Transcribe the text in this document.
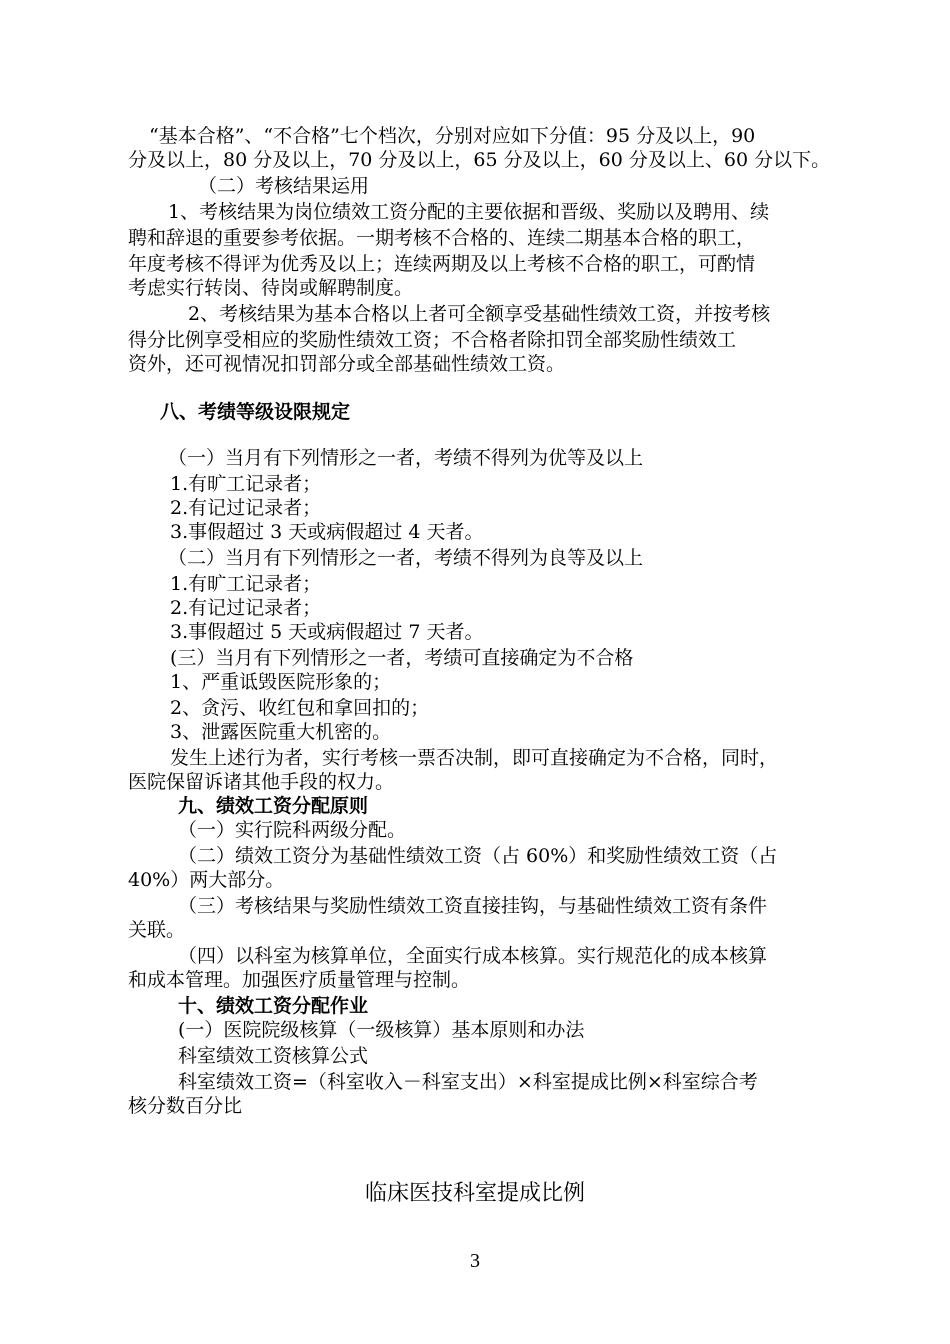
“基本合格”、“不合格”七个档次，分别对应如下分值：95 分及以上，90
分及以上，80 分及以上，70 分及以上，65 分及以上，60 分及以上、60 分以下。
（二）考核结果运用
1、考核结果为岗位绩效工资分配的主要依据和晋级、奖励以及聘用、续
聘和辞退的重要参考依据。一期考核不合格的、连续二期基本合格的职工，
年度考核不得评为优秀及以上；连续两期及以上考核不合格的职工，可酌情
考虑实行转岗、待岗或解聘制度。
2、考核结果为基本合格以上者可全额享受基础性绩效工资，并按考核
得分比例享受相应的奖励性绩效工资；不合格者除扣罚全部奖励性绩效工
资外，还可视情况扣罚部分或全部基础性绩效工资。
八、考绩等级设限规定
（一）当月有下列情形之一者，考绩不得列为优等及以上
1.有旷工记录者；
2.有记过记录者；
3.事假超过 3 天或病假超过 4 天者。
（二）当月有下列情形之一者，考绩不得列为良等及以上
1.有旷工记录者；
2.有记过记录者；
3.事假超过 5 天或病假超过 7 天者。
(三）当月有下列情形之一者，考绩可直接确定为不合格
1、严重诋毁医院形象的；
2、贪污、收红包和拿回扣的；
3、泄露医院重大机密的。
发生上述行为者，实行考核一票否决制，即可直接确定为不合格，同时，
医院保留诉诸其他手段的权力。
九、绩效工资分配原则
（一）实行院科两级分配。
（二）绩效工资分为基础性绩效工资（占 60%）和奖励性绩效工资（占
40%）两大部分。
（三）考核结果与奖励性绩效工资直接挂钩，与基础性绩效工资有条件
关联。
（四）以科室为核算单位，全面实行成本核算。实行规范化的成本核算
和成本管理。加强医疗质量管理与控制。
十、绩效工资分配作业
(一）医院院级核算（一级核算）基本原则和办法
科室绩效工资核算公式
科室绩效工资=（科室收入－科室支出）×科室提成比例×科室综合考
核分数百分比
临床医技科室提成比例
3
